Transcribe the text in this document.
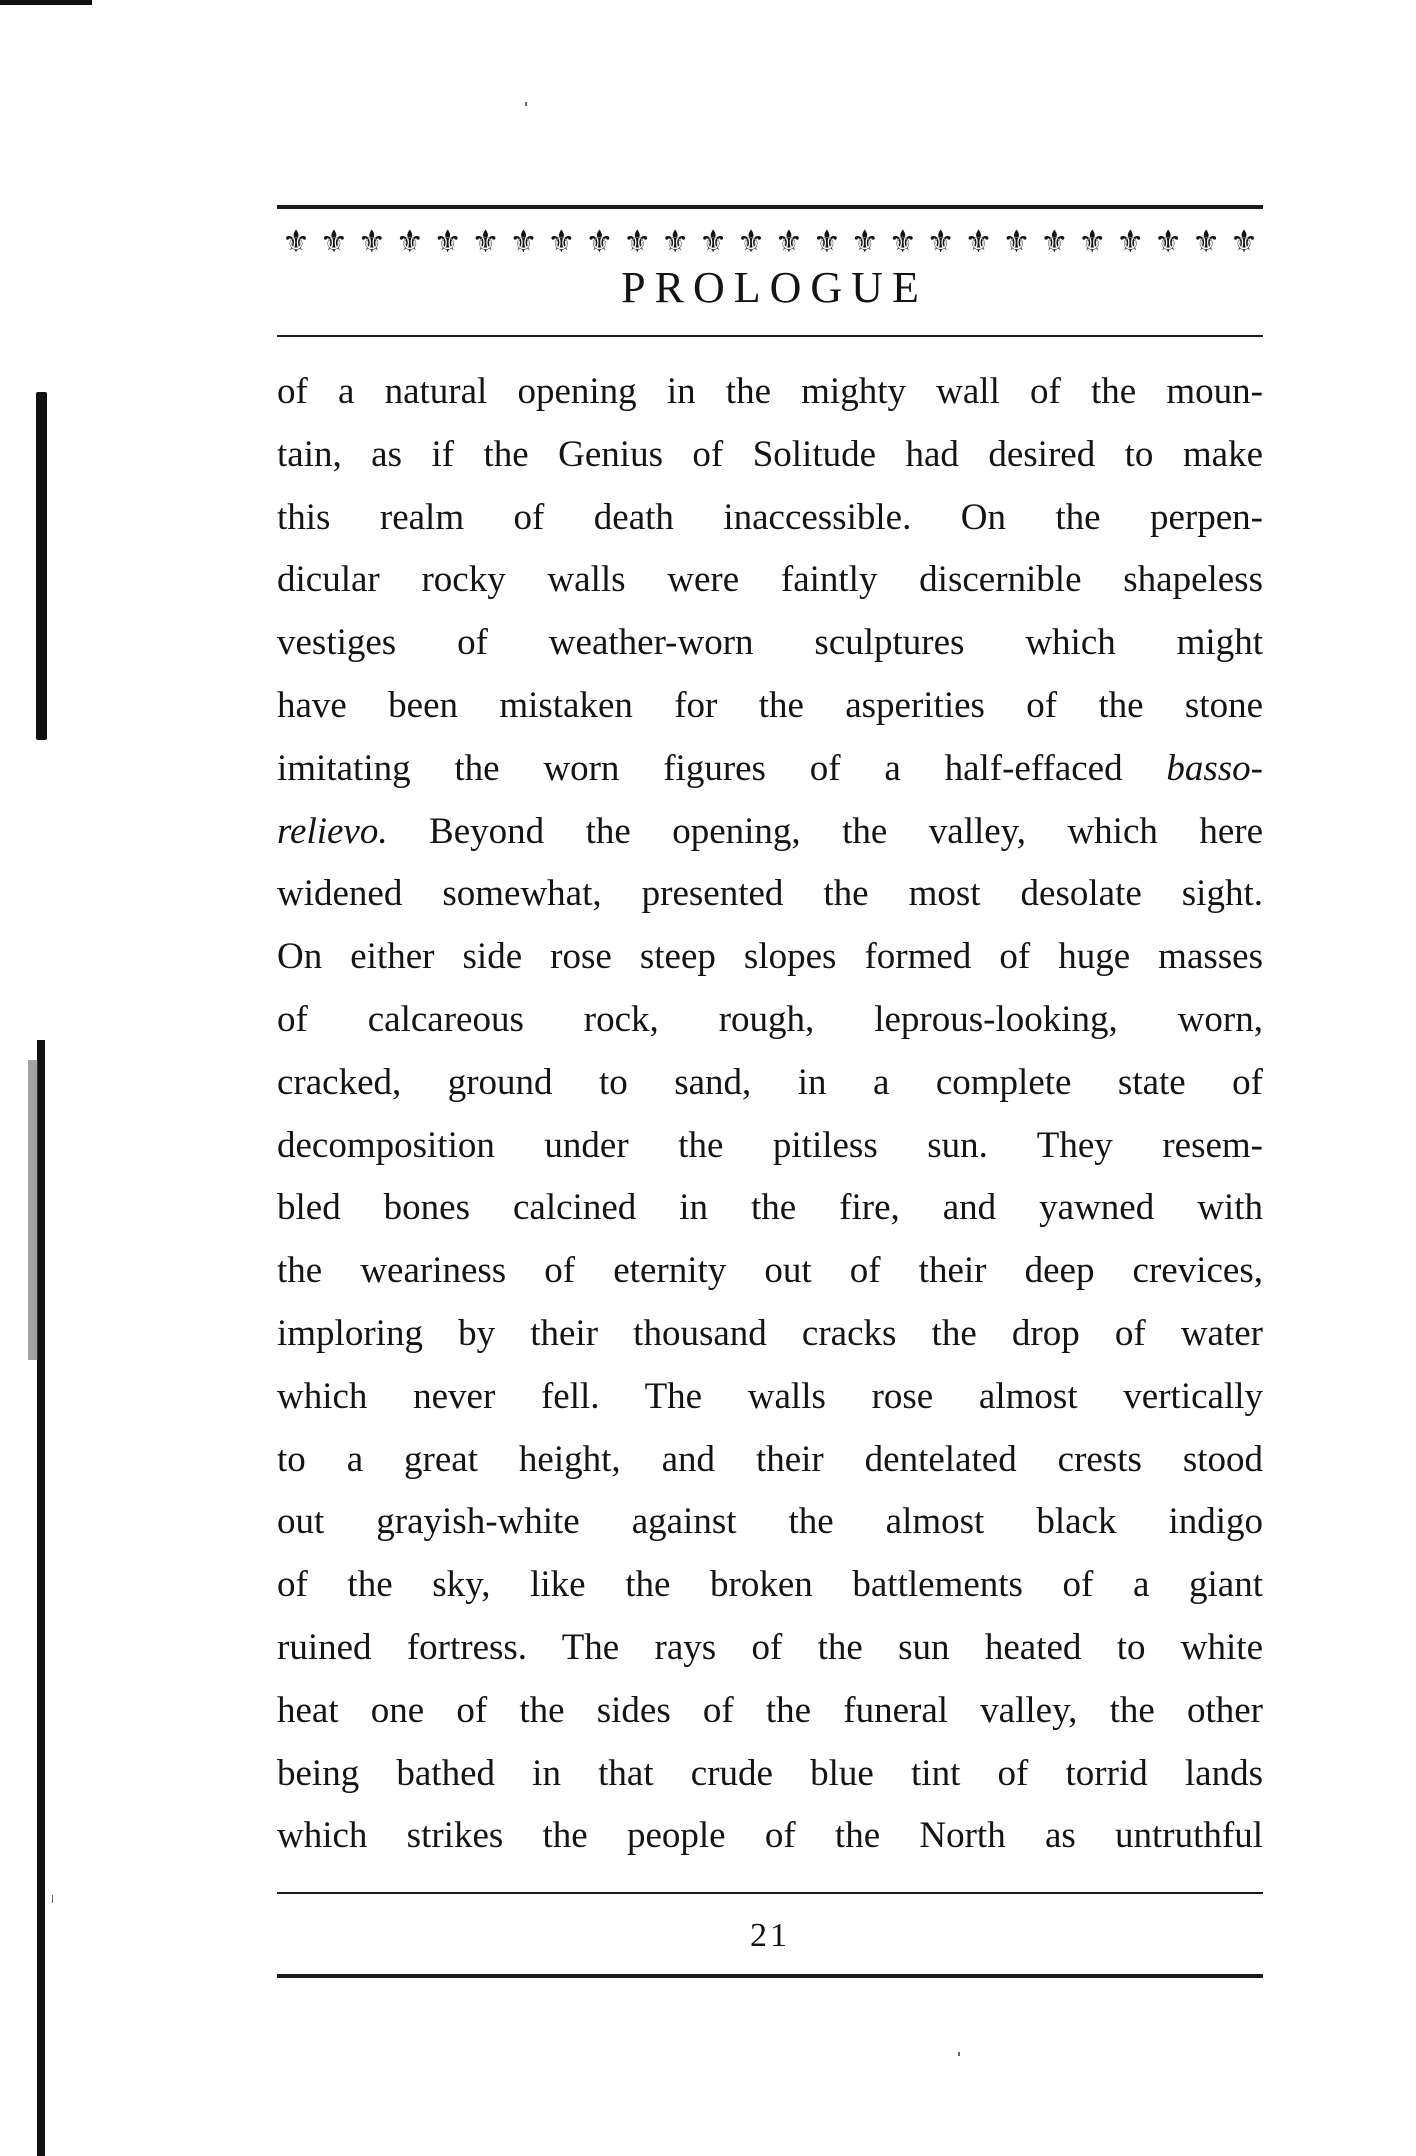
⚜ ⚜ ⚜ ⚜ ⚜ ⚜ ⚜ ⚜ ⚜ ⚜ ⚜ ⚜ ⚜ ⚜ ⚜ ⚜ ⚜ ⚜ ⚜ ⚜ ⚜ ⚜ ⚜ ⚜ ⚜ ⚜
PROLOGUE
of a natural opening in the mighty wall of the moun-
tain, as if the Genius of Solitude had desired to make
this realm of death inaccessible. On the perpen-
dicular rocky walls were faintly discernible shapeless
vestiges of weather-worn sculptures which might
have been mistaken for the asperities of the stone
imitating the worn figures of a half-effaced basso-
relievo. Beyond the opening, the valley, which here
widened somewhat, presented the most desolate sight.
On either side rose steep slopes formed of huge masses
of calcareous rock, rough, leprous-looking, worn,
cracked, ground to sand, in a complete state of
decomposition under the pitiless sun. They resem-
bled bones calcined in the fire, and yawned with
the weariness of eternity out of their deep crevices,
imploring by their thousand cracks the drop of water
which never fell. The walls rose almost vertically
to a great height, and their dentelated crests stood
out grayish-white against the almost black indigo
of the sky, like the broken battlements of a giant
ruined fortress. The rays of the sun heated to white
heat one of the sides of the funeral valley, the other
being bathed in that crude blue tint of torrid lands
which strikes the people of the North as untruthful
21
